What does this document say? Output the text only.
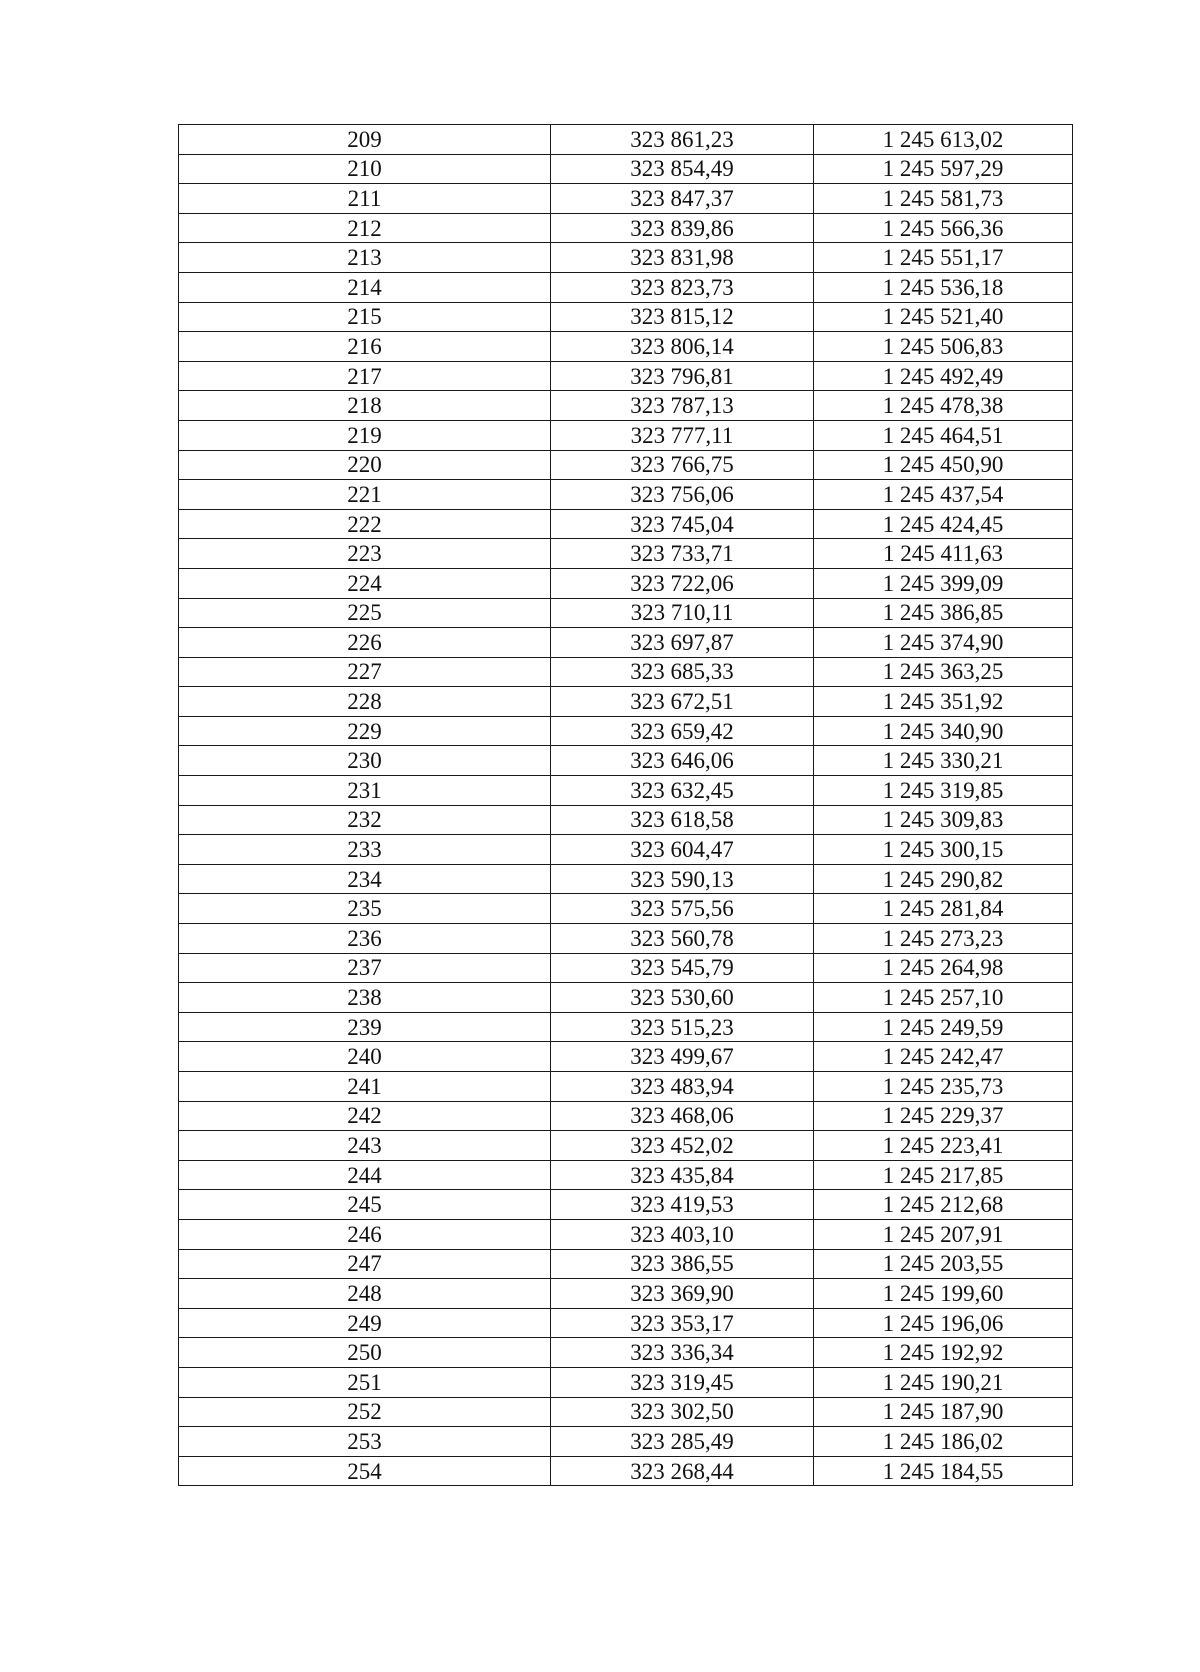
209	323 861,23	1 245 613,02
210	323 854,49	1 245 597,29
211	323 847,37	1 245 581,73
212	323 839,86	1 245 566,36
213	323 831,98	1 245 551,17
214	323 823,73	1 245 536,18
215	323 815,12	1 245 521,40
216	323 806,14	1 245 506,83
217	323 796,81	1 245 492,49
218	323 787,13	1 245 478,38
219	323 777,11	1 245 464,51
220	323 766,75	1 245 450,90
221	323 756,06	1 245 437,54
222	323 745,04	1 245 424,45
223	323 733,71	1 245 411,63
224	323 722,06	1 245 399,09
225	323 710,11	1 245 386,85
226	323 697,87	1 245 374,90
227	323 685,33	1 245 363,25
228	323 672,51	1 245 351,92
229	323 659,42	1 245 340,90
230	323 646,06	1 245 330,21
231	323 632,45	1 245 319,85
232	323 618,58	1 245 309,83
233	323 604,47	1 245 300,15
234	323 590,13	1 245 290,82
235	323 575,56	1 245 281,84
236	323 560,78	1 245 273,23
237	323 545,79	1 245 264,98
238	323 530,60	1 245 257,10
239	323 515,23	1 245 249,59
240	323 499,67	1 245 242,47
241	323 483,94	1 245 235,73
242	323 468,06	1 245 229,37
243	323 452,02	1 245 223,41
244	323 435,84	1 245 217,85
245	323 419,53	1 245 212,68
246	323 403,10	1 245 207,91
247	323 386,55	1 245 203,55
248	323 369,90	1 245 199,60
249	323 353,17	1 245 196,06
250	323 336,34	1 245 192,92
251	323 319,45	1 245 190,21
252	323 302,50	1 245 187,90
253	323 285,49	1 245 186,02
254	323 268,44	1 245 184,55
